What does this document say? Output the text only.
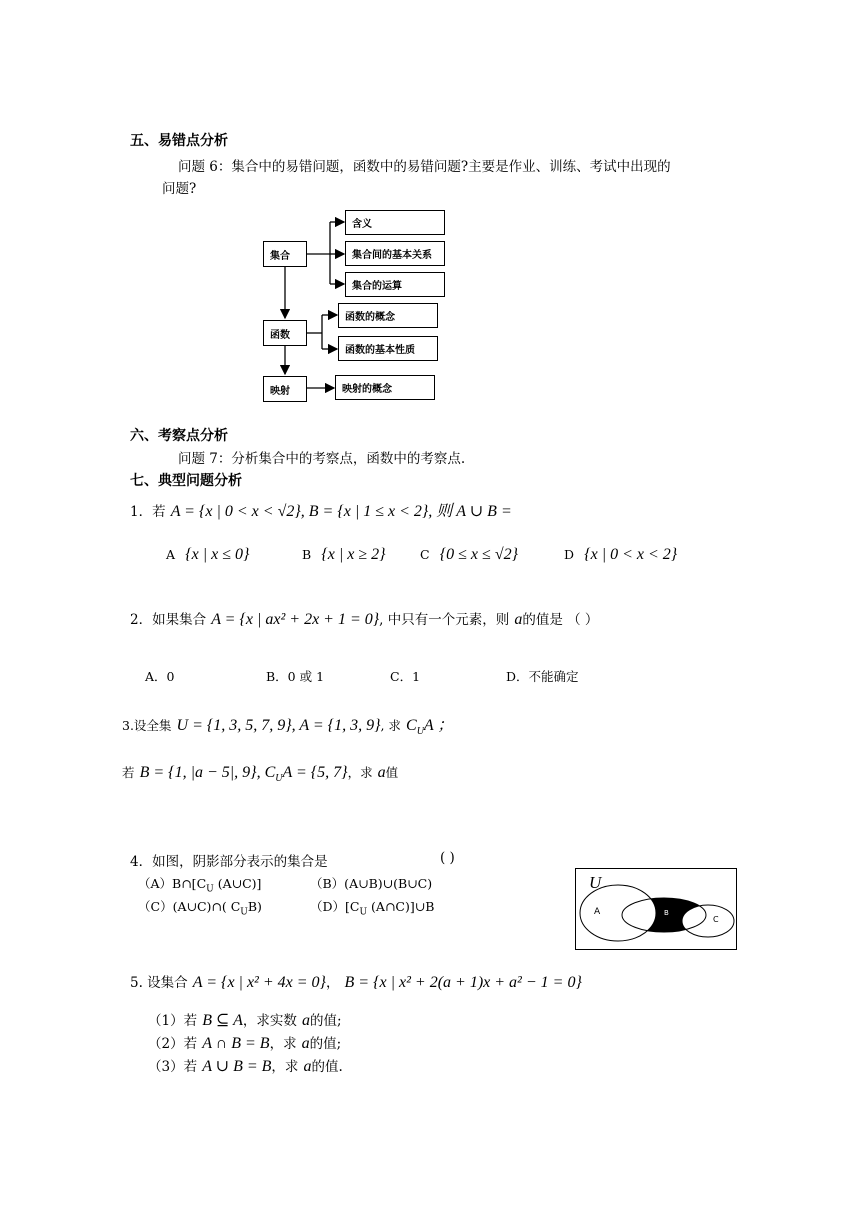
五、易错点分析
问题 6：集合中的易错问题，函数中的易错问题?主要是作业、训练、考试中出现的
问题?
集合
含义
集合间的基本关系
集合的运算
函数
函数的概念
函数的基本性质
映射	映射的概念
六、考察点分析
问题 7：分析集合中的考察点，函数中的考察点.
七、典型问题分析
1．若 A = {x | 0 < x < √2}, B = {x | 1 ≤ x < 2}, 则 A ∪ B =
A {x | x ≤ 0}	B {x | x ≥ 2}	C {0 ≤ x ≤ √2}	D {x | 0 < x < 2}
2．如果集合 A = {x | ax² + 2x + 1 = 0}, 中只有一个元素，则 a的值是 （ ）
A．0	B．0 或 1	C．1	D．不能确定
3.设全集 U = {1, 3, 5, 7, 9}, A = {1, 3, 9}, 求 $C_UA$ ；
若 B = {1, |a − 5|, 9}, $C_UA = \{5$, 7}，求 a值
4．如图，阴影部分表示的集合是	( )
$(A)B\cap[C_U$ (A∪C)]	（B）(A∪B)∪(B∪C)
（C）(A∪C)∩( $C_UB$)	$(D)[C_U$ (A∩C)]∪B
U
A	B
C
5. 设集合 A = {x | x² + 4x = 0}， B = {x | x² + 2(a + 1)x + a² − 1 = 0}
（1）若 B ⊆ A，求实数 a的值;
（2）若 A ∩ B = B，求 a的值;
（3）若 A ∪ B = B，求 a的值.
